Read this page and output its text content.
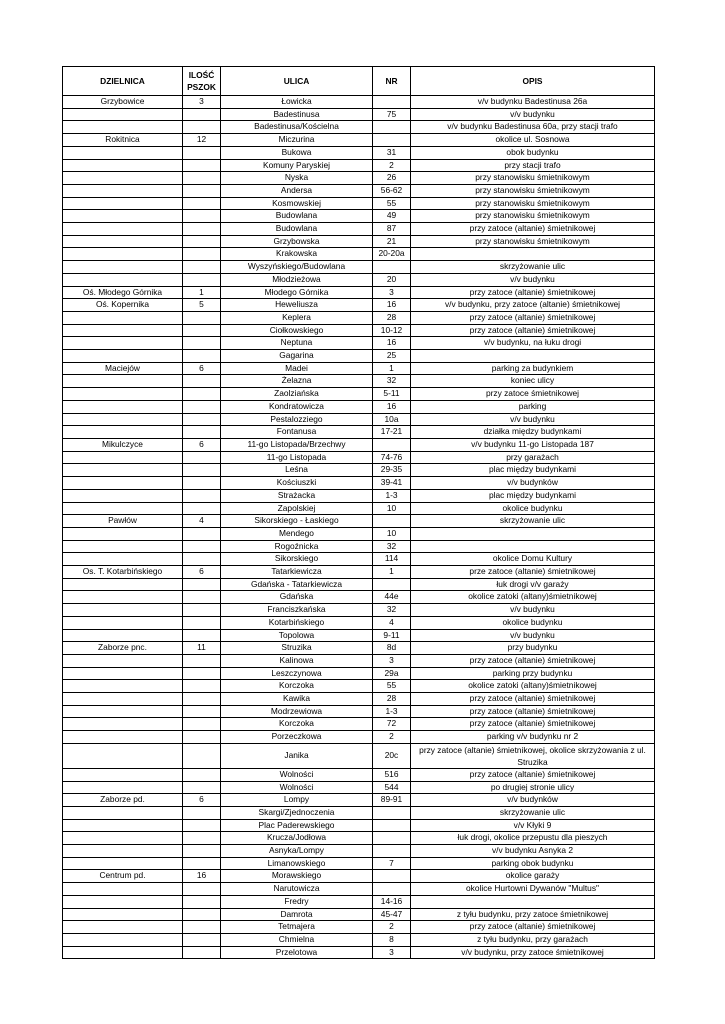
DZIELNICA	ILOŚĆ PSZOK	ULICA	NR	OPIS
Grzybowice	3	Łowicka		v/v budynku Badestinusa 26a
		Badestinusa	75	v/v budynku
		Badestinusa/Kościelna		v/v budynku Badestinusa 60a, przy stacji trafo
Rokitnica	12	Miczurina		okolice ul. Sosnowa
		Bukowa	31	obok budynku
		Komuny Paryskiej	2	przy stacji trafo
		Nyska	26	przy stanowisku śmietnikowym
		Andersa	56-62	przy stanowisku śmietnikowym
		Kosmowskiej	55	przy stanowisku śmietnikowym
		Budowlana	49	przy stanowisku śmietnikowym
		Budowlana	87	przy zatoce (altanie) śmietnikowej
		Grzybowska	21	przy stanowisku śmietnikowym
		Krakowska	20-20a	
		Wyszyńskiego/Budowlana		skrzyżowanie ulic
		Młodzieżowa	20	v/v budynku
Oś. Młodego Górnika	1	Młodego Górnika	3	przy zatoce (altanie) śmietnikowej
Oś. Kopernika	5	Heweliusza	16	v/v budynku, przy zatoce (altanie) śmietnikowej
		Keplera	28	przy zatoce (altanie) śmietnikowej
		Ciołkowskiego	10-12	przy zatoce (altanie) śmietnikowej
		Neptuna	16	v/v budynku, na łuku drogi
		Gagarina	25	
Maciejów	6	Madei	1	parking za budynkiem
		Żelazna	32	koniec ulicy
		Zaolziańska	5-11	przy zatoce śmietnikowej
		Kondratowicza	16	parking
		Pestalozziego	10a	v/v budynku
		Fontanusa	17-21	działka między budynkami
Mikulczyce	6	11-go Listopada/Brzechwy		v/v budynku 11-go Listopada 187
		11-go Listopada	74-76	przy garażach
		Leśna	29-35	plac między budynkami
		Kościuszki	39-41	v/v budynków
		Strażacka	1-3	plac między budynkami
		Zapolskiej	10	okolice budynku
Pawłów	4	Sikorskiego - Łaskiego		skrzyżowanie ulic
		Mendego	10	
		Rogoźnicka	32	
		Sikorskiego	114	okolice Domu Kultury
Os. T. Kotarbińskiego	6	Tatarkiewicza	1	prze zatoce (altanie) śmietnikowej
		Gdańska - Tatarkiewicza		łuk drogi v/v garaży
		Gdańska	44e	okolice zatoki (altany)śmietnikowej
		Franciszkańska	32	v/v budynku
		Kotarbińskiego	4	okolice budynku
		Topolowa	9-11	v/v budynku
Zaborze pnc.	11	Struzika	8d	przy budynku
		Kalinowa	3	przy zatoce (altanie) śmietnikowej
		Leszczynowa	29a	parking przy budynku
		Korczoka	55	okolice zatoki (altany)śmietnikowej
		Kawika	28	przy zatoce (altanie) śmietnikowej
		Modrzewiowa	1-3	przy zatoce (altanie) śmietnikowej
		Korczoka	72	przy zatoce (altanie) śmietnikowej
		Porzeczkowa	2	parking v/v budynku nr 2
		Janika	20c	przy zatoce (altanie) śmietnikowej, okolice skrzyżowania z ul. Struzika
		Wolności	516	przy zatoce (altanie) śmietnikowej
		Wolności	544	po drugiej stronie ulicy
Zaborze pd.	6	Lompy	89-91	v/v budynków
		Skargi/Zjednoczenia		skrzyżowanie ulic
		Plac Paderewskiego		v/v Kłyki 9
		Krucza/Jodłowa		łuk drogi, okolice przepustu dla pieszych
		Asnyka/Lompy		v/v budynku Asnyka 2
		Limanowskiego	7	parking obok budynku
Centrum pd.	16	Morawskiego		okolice garaży
		Narutowicza		okolice Hurtowni Dywanów "Multus"
		Fredry	14-16	
		Damrota	45-47	z tyłu budynku, przy zatoce śmietnikowej
		Tetmajera	2	przy zatoce (altanie) śmietnikowej
		Chmielna	8	z tyłu budynku, przy garażach
		Przelotowa	3	v/v budynku, przy zatoce śmietnikowej
